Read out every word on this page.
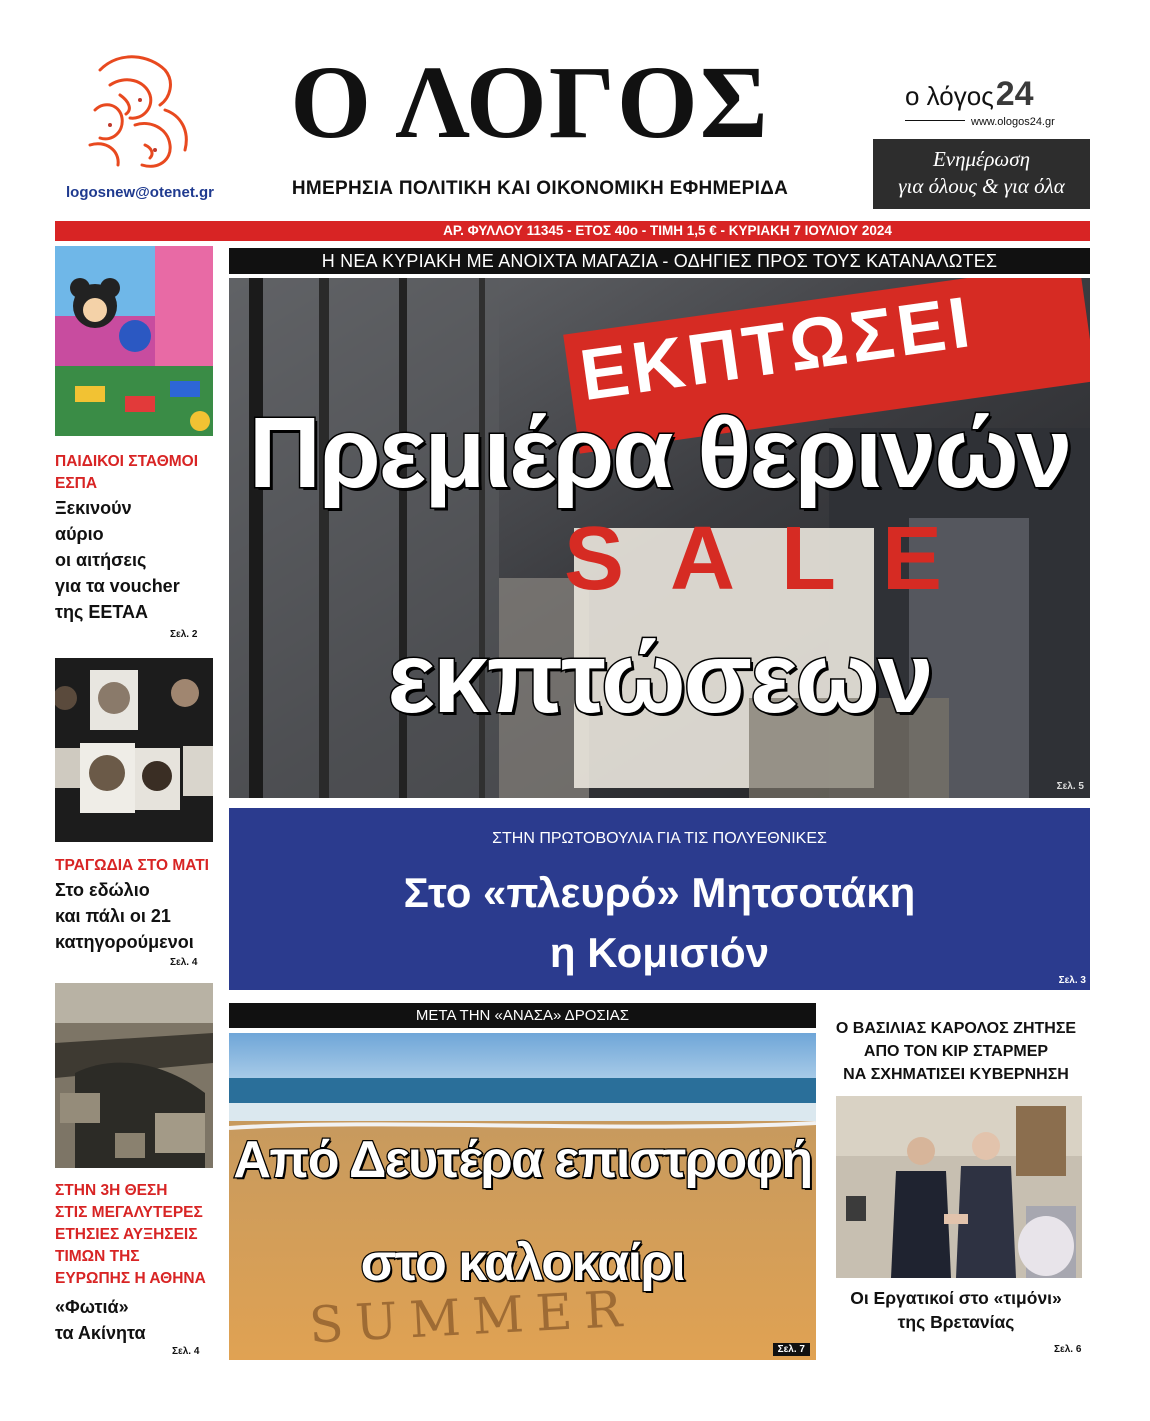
Ο ΛΟΓΟΣ
ΗΜΕΡΗΣΙΑ ΠΟΛΙΤΙΚΗ ΚΑΙ ΟΙΚΟΝΟΜΙΚΗ ΕΦΗΜΕΡΙΔΑ
logosnew@otenet.gr
ο λόγος24
www.ologos24.gr
Ενημέρωση
για όλους & για όλα
ΑΡ. ΦΥΛΛΟΥ 11345 - ΕΤΟΣ 40ο - ΤΙΜΗ 1,5 € - ΚΥΡΙΑΚΗ 7 ΙΟΥΛΙΟΥ 2024
Η ΝΕΑ ΚΥΡΙΑΚΗ ΜΕ ΑΝΟΙΧΤΑ ΜΑΓΑΖΙΑ - ΟΔΗΓΙΕΣ ΠΡΟΣ ΤΟΥΣ ΚΑΤΑΝΑΛΩΤΕΣ
ΕΚΠΤΩΣΕΙ
SALE
Πρεμιέρα θερινών
εκπτώσεων
Σελ. 5
ΣΤΗΝ ΠΡΩΤΟΒΟΥΛΙΑ ΓΙΑ ΤΙΣ ΠΟΛΥΕΘΝΙΚΕΣ
Στο «πλευρό» Μητσοτάκη
η Κομισιόν
Σελ. 3
ΠΑΙΔΙΚΟΙ ΣΤΑΘΜΟΙ
ΕΣΠΑ
Ξεκινούν
αύριο
οι αιτήσεις
για τα voucher
της ΕΕΤΑΑ
Σελ. 2
ΤΡΑΓΩΔΙΑ ΣΤΟ ΜΑΤΙ
Στο εδώλιο
και πάλι οι 21
κατηγορούμενοι
Σελ. 4
ΣΤΗΝ 3Η ΘΕΣΗ
ΣΤΙΣ ΜΕΓΑΛΥΤΕΡΕΣ
ΕΤΗΣΙΕΣ ΑΥΞΗΣΕΙΣ
ΤΙΜΩΝ ΤΗΣ
ΕΥΡΩΠΗΣ Η ΑΘΗΝΑ
«Φωτιά»
τα Ακίνητα
Σελ. 4
ΜΕΤΑ ΤΗΝ «ΑΝΑΣΑ» ΔΡΟΣΙΑΣ
Από Δευτέρα επιστροφή
στο καλοκαίρι
SUMMER	Σελ. 7
Ο ΒΑΣΙΛΙΑΣ ΚΑΡΟΛΟΣ ΖΗΤΗΣΕ
ΑΠΟ ΤΟΝ ΚΙΡ ΣΤΑΡΜΕΡ
ΝΑ ΣΧΗΜΑΤΙΣΕΙ ΚΥΒΕΡΝΗΣΗ
Οι Εργατικοί στο «τιμόνι»
της Βρετανίας
Σελ. 6
